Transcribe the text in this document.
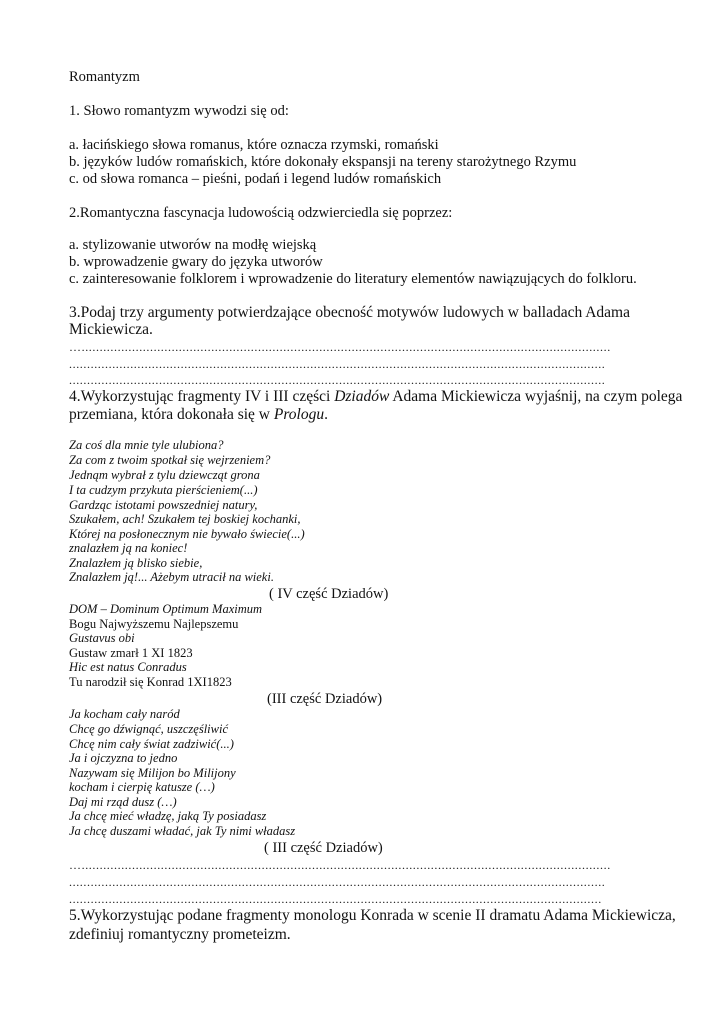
Romantyzm
1. Słowo romantyzm wywodzi się od:
a. łacińskiego słowa romanus, które oznacza rzymski, romański
b. języków ludów romańskich, które dokonały ekspansji na tereny starożytnego Rzymu
c. od słowa romanca – pieśni, podań i legend ludów romańskich
2.Romantyczna fascynacja ludowością odzwierciedla się poprzez:
a. stylizowanie utworów na modłę wiejską
b. wprowadzenie gwary do języka utworów
c. zainteresowanie folklorem i wprowadzenie do literatury elementów nawiązujących do folkloru.
3.Podaj trzy argumenty potwierdzające obecność motywów ludowych w balladach Adama
Mickiewicza.
…...................................................................................................................................................
.....................................................................................................................................................
.....................................................................................................................................................
4.Wykorzystując fragmenty IV i III części Dziadów Adama Mickiewicza wyjaśnij, na czym polega
przemiana, która dokonała się w Prologu.
Za coś dla mnie tyle ulubiona?
Za com z twoim spotkał się wejrzeniem?
Jednąm wybrał z tylu dziewcząt grona
I ta cudzym przykuta pierścieniem(...)
Gardząc istotami powszedniej natury,
Szukałem, ach! Szukałem tej boskiej kochanki,
Której na posłonecznym nie bywało świecie(...)
znalazłem ją na koniec!
Znalazłem ją blisko siebie,
Znalazłem ją!... Ażebym utracił na wieki.
( IV część Dziadów)
DOM – Dominum Optimum Maximum
Bogu Najwyższemu Najlepszemu
Gustavus obi
Gustaw zmarł 1 XI 1823
Hic est natus Conradus
Tu narodził się Konrad 1XI1823
(III część Dziadów)
Ja kocham cały naród
Chcę go dźwignąć, uszczęśliwić
Chcę nim cały świat zadziwić(...)
Ja i ojczyzna to jedno
Nazywam się Milijon bo Milijony
kocham i cierpię katusze (…)
Daj mi rząd dusz (…)
Ja chcę mieć władzę, jaką Ty posiadasz
Ja chcę duszami władać, jak Ty nimi władasz
( III część Dziadów)
…...................................................................................................................................................
.....................................................................................................................................................
....................................................................................................................................................
5.Wykorzystując podane fragmenty monologu Konrada w scenie II dramatu Adama Mickiewicza,
zdefiniuj romantyczny prometeizm.
